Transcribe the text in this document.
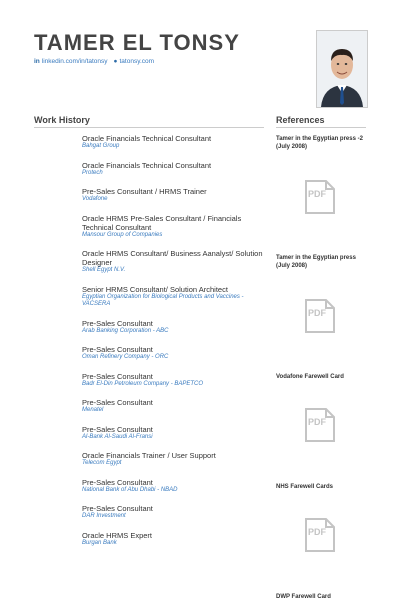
TAMER EL TONSY
in linkedin.com/in/tatonsy ● tatonsy.com
Work History	References
Oracle Financials Technical Consultant
Bahgat Group
Oracle Financials Technical Consultant
Protech
Pre-Sales Consultant / HRMS Trainer
Vodafone
Oracle HRMS Pre-Sales Consultant / Financials Technical Consultant
Mansour Group of Companies
Oracle HRMS Consultant/ Business Aanalyst/ Solution Designer
Shell Egypt N.V.
Senior HRMS Consultant/ Solution Architect
Egyptian Organization for Biological Products and Vaccines - VACSERA
Pre-Sales Consultant
Arab Banking Corporation - ABC
Pre-Sales Consultant
Oman Refinery Company - ORC
Pre-Sales Consultant
Badr El-Din Petroleum Company - BAPETCO
Pre-Sales Consultant
Menatel
Pre-Sales Consultant
Al-Bank Al-Saudi Al-Fransi
Oracle Financials Trainer / User Support
Telecom Egypt
Pre-Sales Consultant
National Bank of Abu Dhabi - NBAD
Pre-Sales Consultant
DAR Investment
Oracle HRMS Expert
Burgan Bank
Tamer in the Egyptian press -2 (July 2008)
PDF
Tamer in the Egyptian press (July 2008)
PDF
Vodafone Farewell Card
PDF
NHS Farewell Cards
PDF
DWP Farewell Card
